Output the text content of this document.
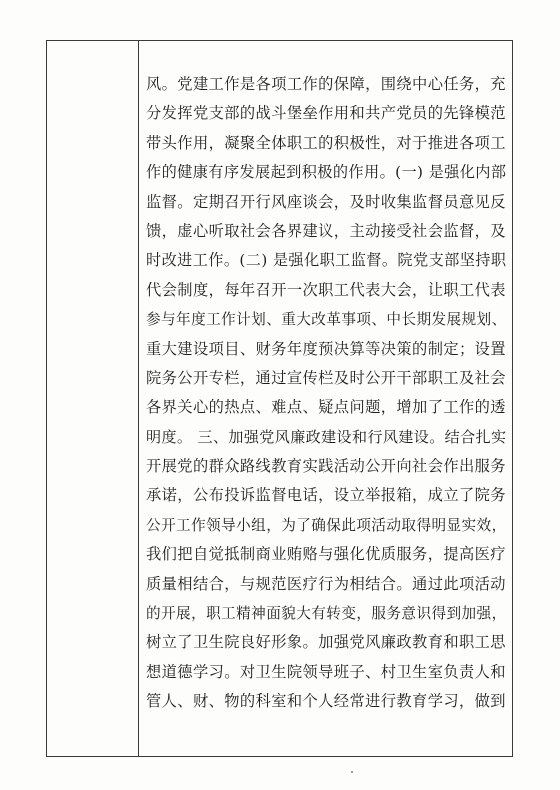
风。党建工作是各项工作的保障，围绕中心任务，充
分发挥党支部的战斗堡垒作用和共产党员的先锋模范
带头作用，凝聚全体职工的积极性，对于推进各项工
作的健康有序发展起到积极的作用。(一) 是强化内部
监督。定期召开行风座谈会，及时收集监督员意见反
馈，虚心听取社会各界建议，主动接受社会监督，及
时改进工作。(二) 是强化职工监督。院党支部坚持职
代会制度，每年召开一次职工代表大会，让职工代表
参与年度工作计划、重大改革事项、中长期发展规划、
重大建设项目、财务年度预决算等决策的制定；设置
院务公开专栏，通过宣传栏及时公开干部职工及社会
各界关心的热点、难点、疑点问题，增加了工作的透
明度。 三、加强党风廉政建设和行风建设。结合扎实
开展党的群众路线教育实践活动公开向社会作出服务
承诺，公布投诉监督电话，设立举报箱，成立了院务
公开工作领导小组，为了确保此项活动取得明显实效，
我们把自觉抵制商业贿赂与强化优质服务，提高医疗
质量相结合，与规范医疗行为相结合。通过此项活动
的开展，职工精神面貌大有转变，服务意识得到加强，
树立了卫生院良好形象。加强党风廉政教育和职工思
想道德学习。对卫生院领导班子、村卫生室负责人和
管人、财、物的科室和个人经常进行教育学习，做到
